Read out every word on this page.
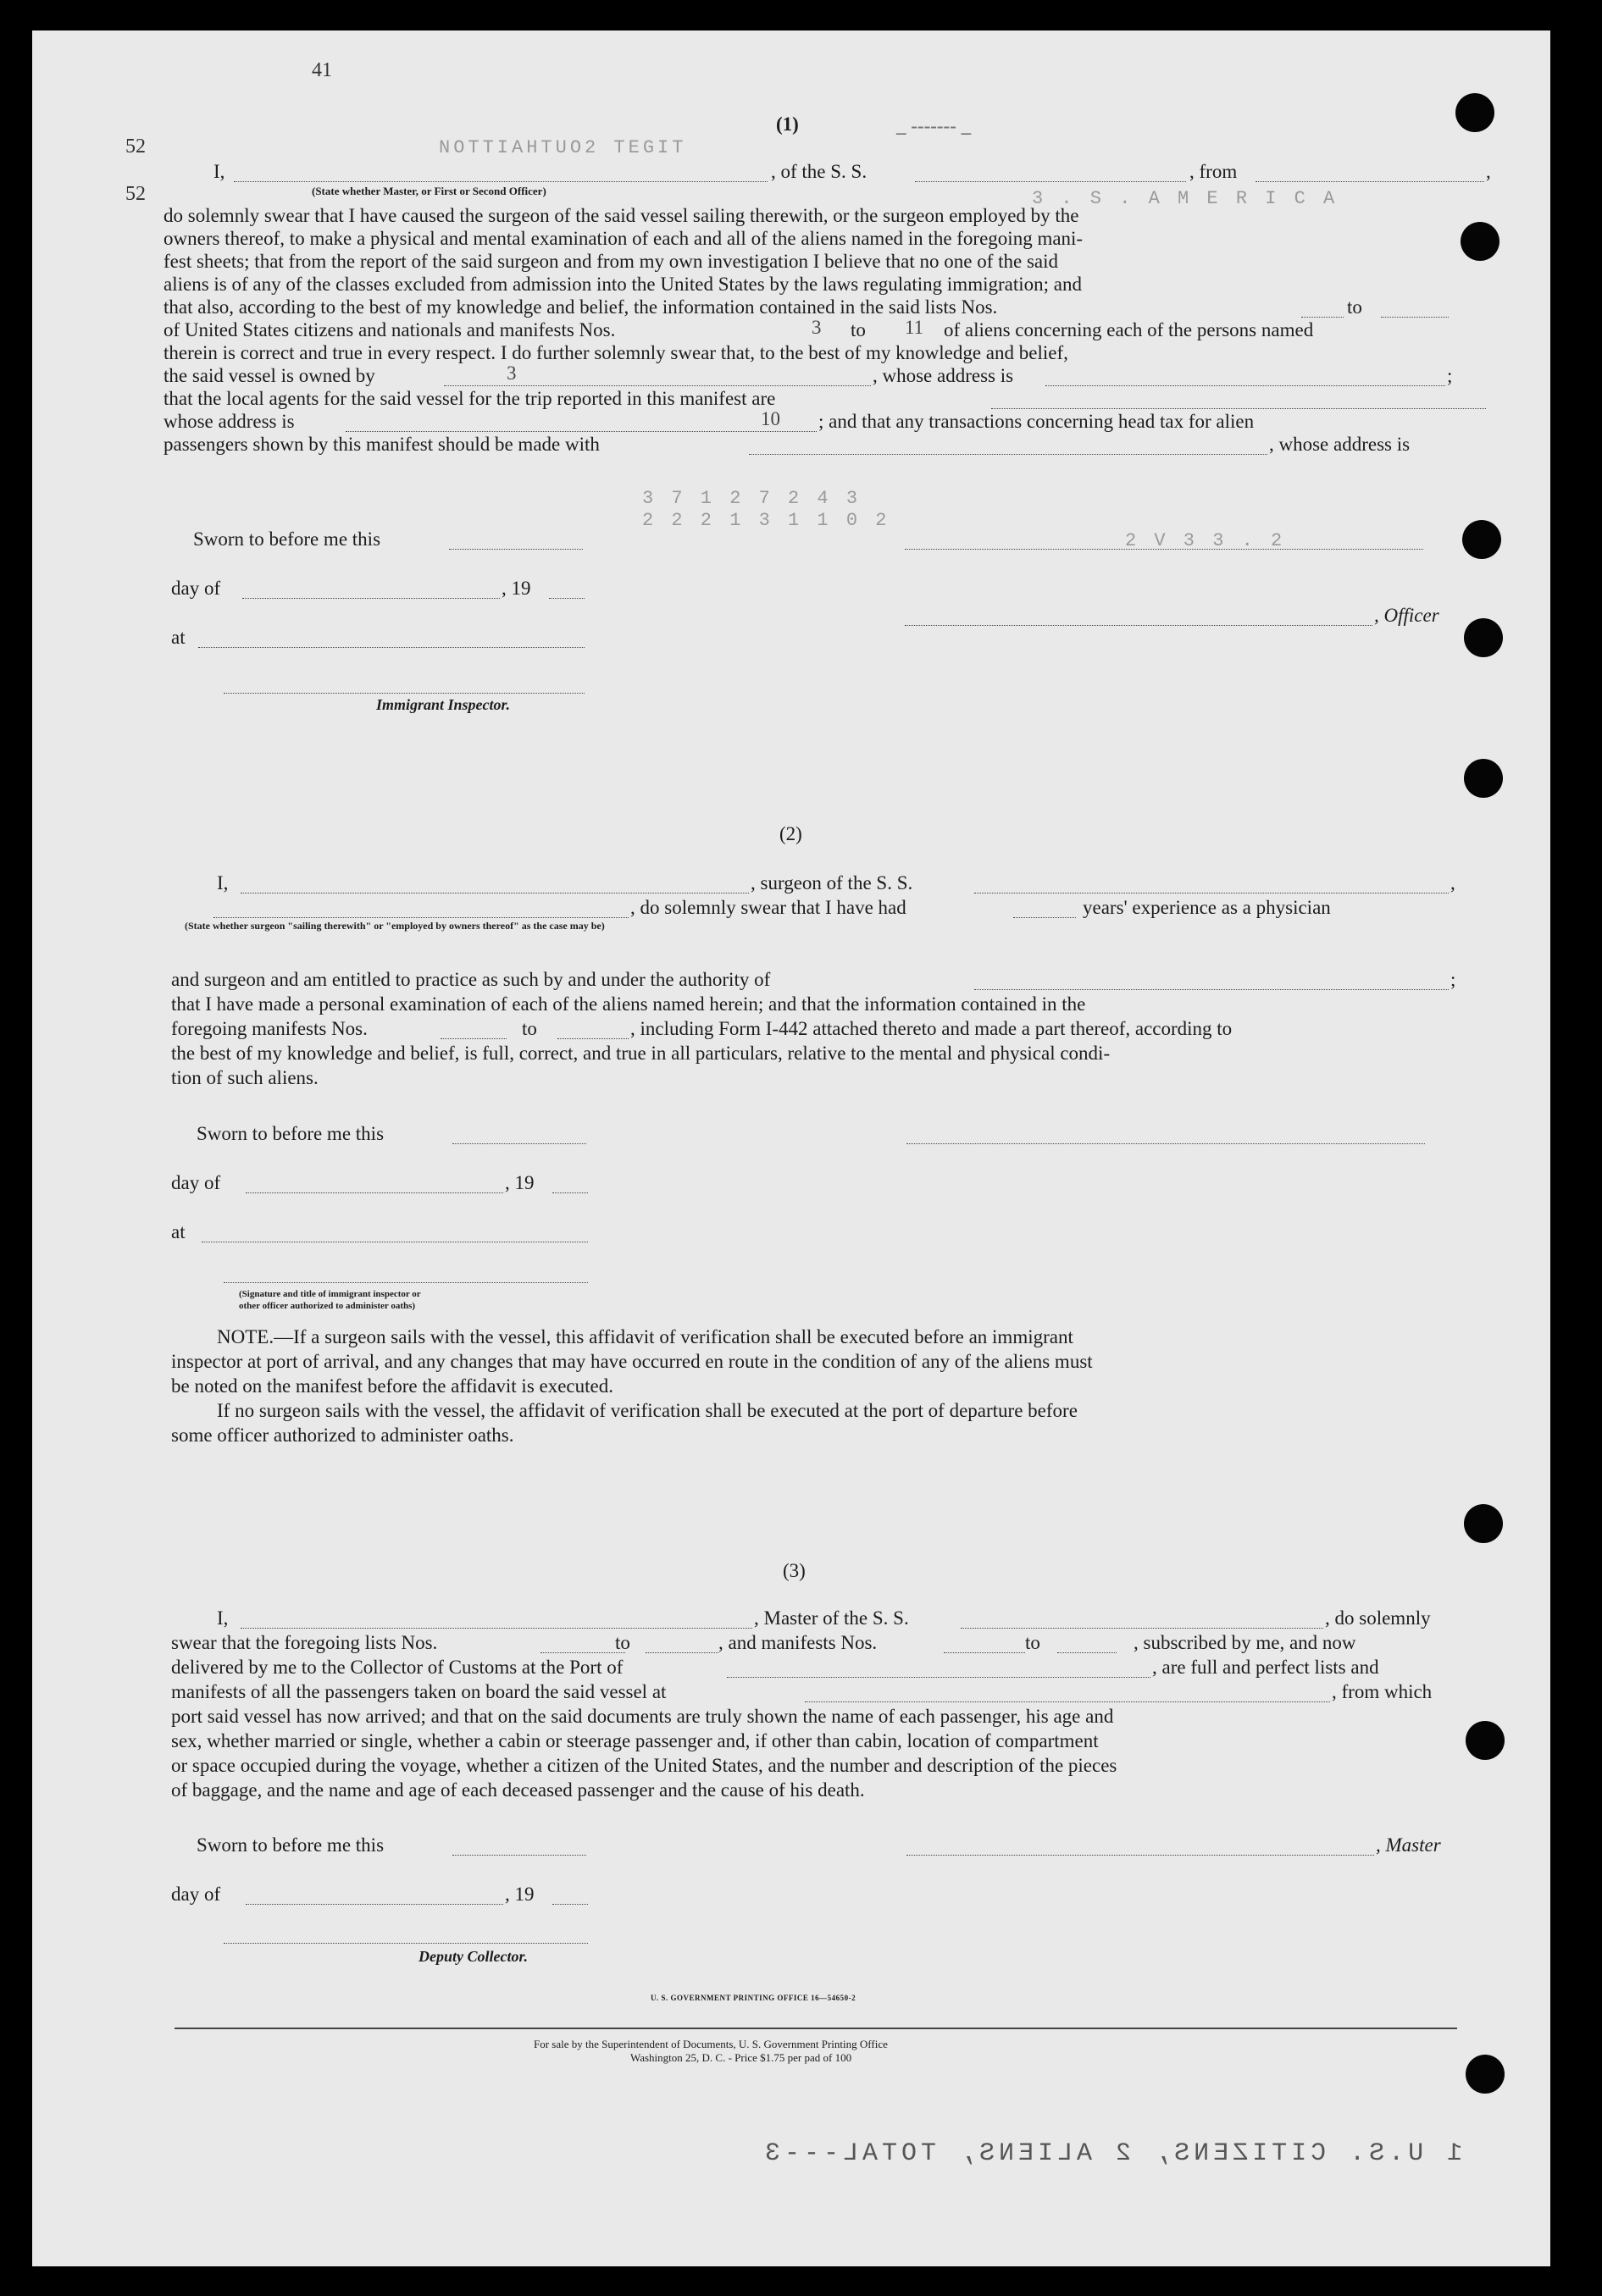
41
52
52
NOTTIAHTUO2 TEGIT
3 . S . A M E R I C A
3 7 1 2 7 2 4 3
2 2 2 1 3 1 1 0 2
2 V 3 3 . 2
(1)	_ ------- _
I,	, of the S. S.	, from	,
(State whether Master, or First or Second Officer)
do solemnly swear that I have caused the surgeon of the said vessel sailing therewith, or the surgeon employed by the
owners thereof, to make a physical and mental examination of each and all of the aliens named in the foregoing mani-
fest sheets; that from the report of the said surgeon and from my own investigation I believe that no one of the said
aliens is of any of the classes excluded from admission into the United States by the laws regulating immigration; and
that also, according to the best of my knowledge and belief, the information contained in the said lists Nos.	to
of United States citizens and nationals and manifests Nos.	3 to 11 of aliens concerning each of the persons named
therein is correct and true in every respect. I do further solemnly swear that, to the best of my knowledge and belief,
the said vessel is owned by	3	, whose address is	;
that the local agents for the said vessel for the trip reported in this manifest are
whose address is	10 ; and that any transactions concerning head tax for alien
passengers shown by this manifest should be made with	, whose address is
Sworn to before me this
day of	, 19
, Officer
at
Immigrant Inspector.
(2)
I,	, surgeon of the S. S.	,
, do solemnly swear that I have had	years' experience as a physician
(State whether surgeon "sailing therewith" or "employed by owners thereof" as the case may be)
and surgeon and am entitled to practice as such by and under the authority of	;
that I have made a personal examination of each of the aliens named herein; and that the information contained in the
foregoing manifests Nos.	to	, including Form I-442 attached thereto and made a part thereof, according to
the best of my knowledge and belief, is full, correct, and true in all particulars, relative to the mental and physical condi-
tion of such aliens.
Sworn to before me this
day of	, 19
at
(Signature and title of immigrant inspector or
other officer authorized to administer oaths)
NOTE.—If a surgeon sails with the vessel, this affidavit of verification shall be executed before an immigrant
inspector at port of arrival, and any changes that may have occurred en route in the condition of any of the aliens must
be noted on the manifest before the affidavit is executed.
If no surgeon sails with the vessel, the affidavit of verification shall be executed at the port of departure before
some officer authorized to administer oaths.
(3)
I,	, Master of the S. S.	, do solemnly
swear that the foregoing lists Nos.	to	, and manifests Nos.	to	, subscribed by me, and now
delivered by me to the Collector of Customs at the Port of	, are full and perfect lists and
manifests of all the passengers taken on board the said vessel at	, from which
port said vessel has now arrived; and that on the said documents are truly shown the name of each passenger, his age and
sex, whether married or single, whether a cabin or steerage passenger and, if other than cabin, location of compartment
or space occupied during the voyage, whether a citizen of the United States, and the number and description of the pieces
of baggage, and the name and age of each deceased passenger and the cause of his death.
Sworn to before me this	, Master
day of	, 19
Deputy Collector.
U. S. GOVERNMENT PRINTING OFFICE 16—54650-2
For sale by the Superintendent of Documents, U. S. Government Printing Office
Washington 25, D. C. - Price $1.75 per pad of 100
1 U.S. CITIZENS, 2 ALIENS, TOTAL---3
